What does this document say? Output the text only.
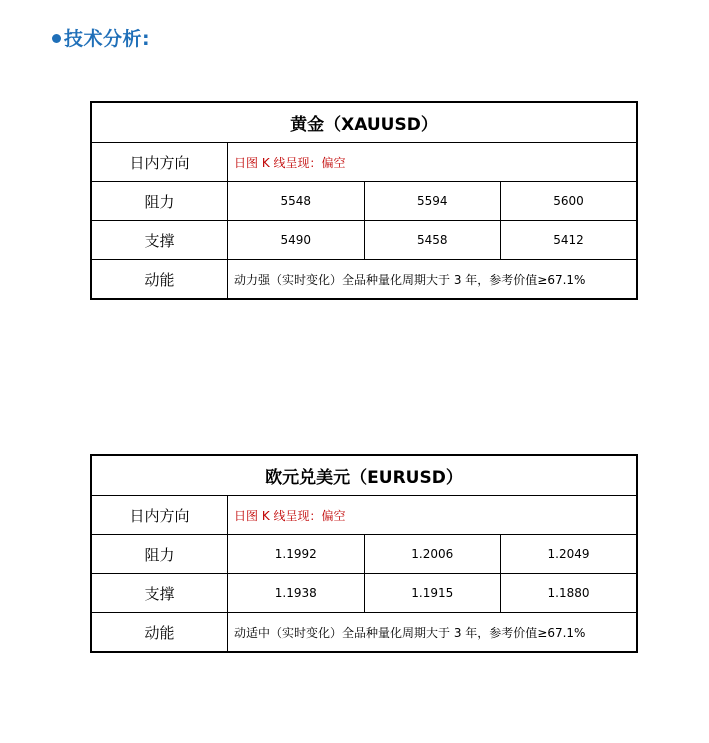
技术分析:
黄金（XAUUSD）			
日内方向	日图 K 线呈现：偏空		
阻力	5548	5594	5600
支撑	5490	5458	5412
动能	动力强（实时变化）全品种量化周期大于 3 年，参考价值≥67.1%		
欧元兑美元（EURUSD）			
日内方向	日图 K 线呈现：偏空		
阻力	1.1992	1.2006	1.2049
支撑	1.1938	1.1915	1.1880
动能	动适中（实时变化）全品种量化周期大于 3 年，参考价值≥67.1%		
